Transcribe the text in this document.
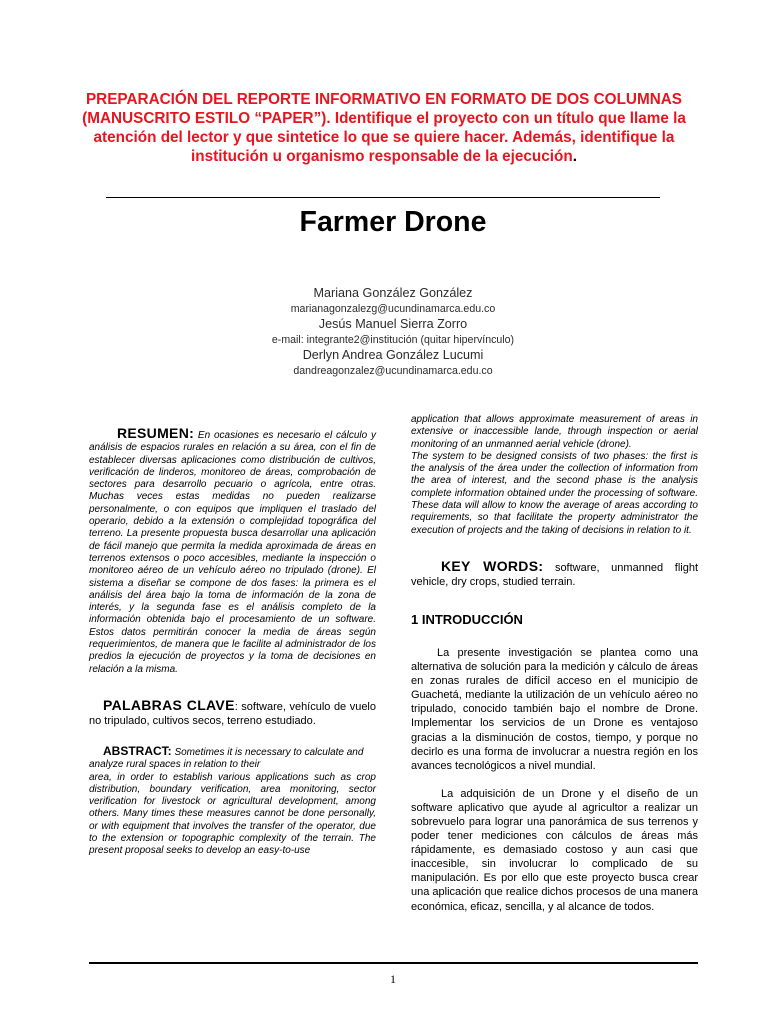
PREPARACIÓN DEL REPORTE INFORMATIVO EN FORMATO DE DOS COLUMNAS (MANUSCRITO ESTILO “PAPER”). Identifique el proyecto con un título que llame la atención del lector y que sintetice lo que se quiere hacer. Además, identifique la institución u organismo responsable de la ejecución.

Farmer Drone
Mariana González González
marianagonzalezg@ucundinamarca.edu.co
Jesús Manuel Sierra Zorro
e-mail: integrante2@institución (quitar hipervínculo)
Derlyn Andrea González Lucumi
dandreagonzalez@ucundinamarca.edu.co

RESUMEN: En ocasiones es necesario el cálculo y análisis de espacios rurales en relación a su área, con el fin de establecer diversas aplicaciones como distribución de cultivos, verificación de linderos, monitoreo de áreas, comprobación de sectores para desarrollo pecuario o agrícola, entre otras. Muchas veces estas medidas no pueden realizarse personalmente, o con equipos que impliquen el traslado del operario, debido a la extensión o complejidad topográfica del terreno. La presente propuesta busca desarrollar una aplicación de fácil manejo que permita la medida aproximada de áreas en terrenos extensos o poco accesibles, mediante la inspección o monitoreo aéreo de un vehículo aéreo no tripulado (drone). El sistema a diseñar se compone de dos fases: la primera es el análisis del área bajo la toma de información de la zona de interés, y la segunda fase es el análisis completo de la información obtenida bajo el procesamiento de un software. Estos datos permitirán conocer la media de áreas según requerimientos, de manera que le facilite al administrador de los predios la ejecución de proyectos y la toma de decisiones en relación a la misma.

PALABRAS CLAVE: software, vehículo de vuelo no tripulado, cultivos secos, terreno estudiado.

ABSTRACT: Sometimes it is necessary to calculate and analyze rural spaces in relation to their

area, in order to establish various applications such as crop distribution, boundary verification, area monitoring, sector verification for livestock or agricultural development, among others. Many times these measures cannot be done personally, or with equipment that involves the transfer of the operator, due to the extension or topographic complexity of the terrain. The present proposal seeks to develop an easy-to-use

application that allows approximate measurement of areas in extensive or inaccessible lande, through inspection or aerial monitoring of an unmanned aerial vehicle (drone).

The system to be designed consists of two phases: the first is the analysis of the área under the collection of information from the area of interest, and the second phase is the analysis complete information obtained under the processing of software. These data will allow to know the average of areas according to requirements, so that facilitate the property administrator the execution of projects and the taking of decisions in relation to it.

KEY WORDS: software, unmanned flight vehicle, dry crops, studied terrain.

1 INTRODUCCIÓN

La presente investigación se plantea como una alternativa de solución para la medición y cálculo de áreas en zonas rurales de difícil acceso en el municipio de Guachetá, mediante la utilización de un vehículo aéreo no tripulado, conocido también bajo el nombre de Drone. Implementar los servicios de un Drone es ventajoso gracias a la disminución de costos, tiempo, y porque no decirlo es una forma de involucrar a nuestra región en los avances tecnológicos a nivel mundial.

La adquisición de un Drone y el diseño de un software aplicativo que ayude al agricultor a realizar un sobrevuelo para lograr una panorámica de sus terrenos y poder tener mediciones con cálculos de áreas más rápidamente, es demasiado costoso y aun casi que inaccesible, sin involucrar lo complicado de su manipulación. Es por ello que este proyecto busca crear una aplicación que realice dichos procesos de una manera económica, eficaz, sencilla, y al alcance de todos.

1
